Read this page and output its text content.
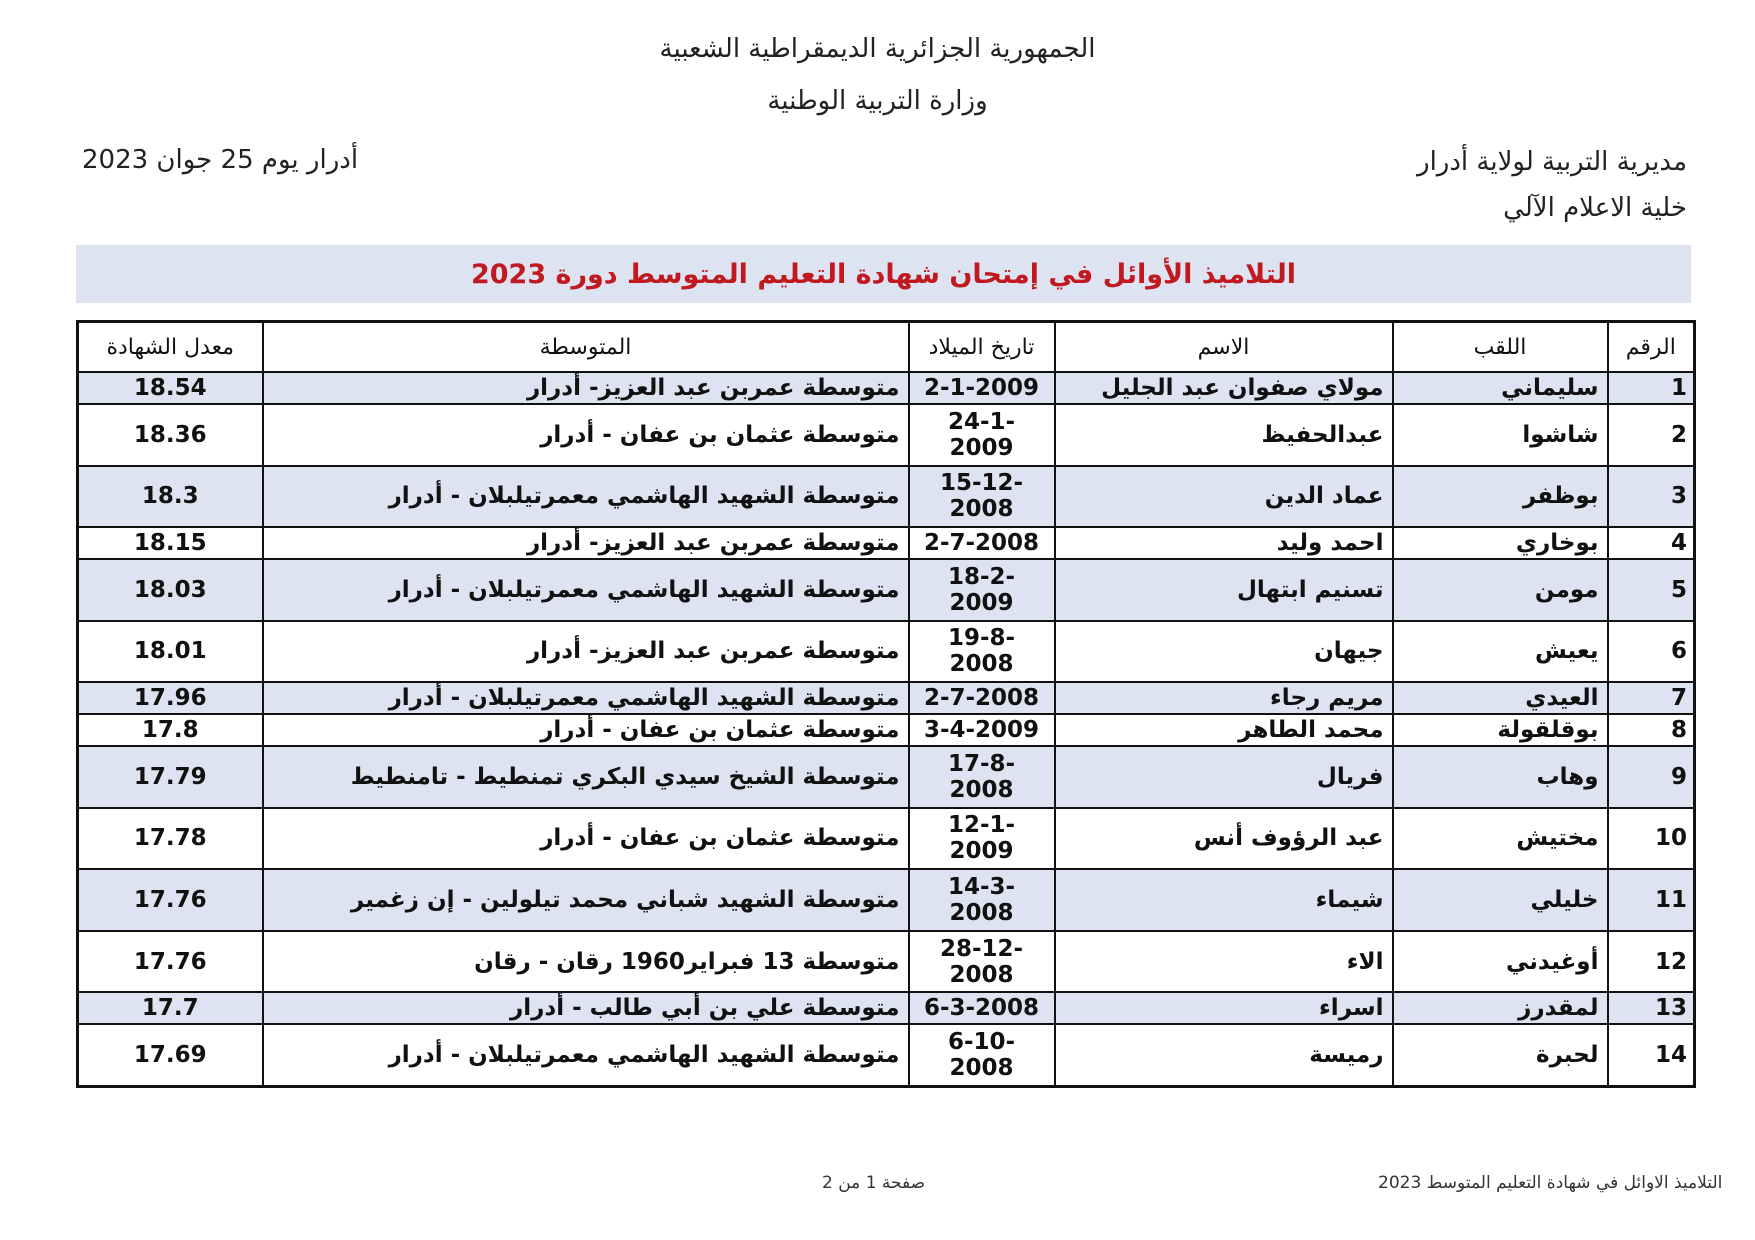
الجمهورية الجزائرية الديمقراطية الشعبية
وزارة التربية الوطنية
مديرية التربية لولاية أدرار
خلية الاعلام الآلي
أدرار يوم 25 جوان 2023
التلاميذ الأوائل في إمتحان شهادة التعليم المتوسط دورة 2023
الرقم	اللقب	الاسم	تاريخ الميلاد	المتوسطة	معدل الشهادة
1	سليماني	مولاي صفوان عبد الجليل	2-1-2009	متوسطة عمربن عبد العزيز- أدرار	18.54
2	شاشوا	عبدالحفيظ	24-1-2009	متوسطة عثمان بن عفان - أدرار	18.36
3	بوظفر	عماد الدين	15-12-2008	متوسطة الشهيد الهاشمي معمرتيلبلان - أدرار	18.3
4	بوخاري	احمد وليد	2-7-2008	متوسطة عمربن عبد العزيز- أدرار	18.15
5	مومن	تسنيم ابتهال	18-2-2009	متوسطة الشهيد الهاشمي معمرتيلبلان - أدرار	18.03
6	يعيش	جيهان	19-8-2008	متوسطة عمربن عبد العزيز- أدرار	18.01
7	العيدي	مريم رجاء	2-7-2008	متوسطة الشهيد الهاشمي معمرتيلبلان - أدرار	17.96
8	بوقلقولة	محمد الطاهر	3-4-2009	متوسطة عثمان بن عفان - أدرار	17.8
9	وهاب	فريال	17-8-2008	متوسطة الشيخ سيدي البكري تمنطيط - تامنطيط	17.79
10	مختيش	عبد الرؤوف أنس	12-1-2009	متوسطة عثمان بن عفان - أدرار	17.78
11	خليلي	شيماء	14-3-2008	متوسطة الشهيد شباني محمد تيلولين - إن زغمير	17.76
12	أوغيدني	الاء	28-12-2008	متوسطة 13 فبراير1960 رقان - رقان	17.76
13	لمقدرز	اسراء	6-3-2008	متوسطة علي بن أبي طالب - أدرار	17.7
14	لحبرة	رميسة	6-10-2008	متوسطة الشهيد الهاشمي معمرتيلبلان - أدرار	17.69
التلاميذ الاوائل في شهادة التعليم المتوسط 2023
صفحة 1 من 2
